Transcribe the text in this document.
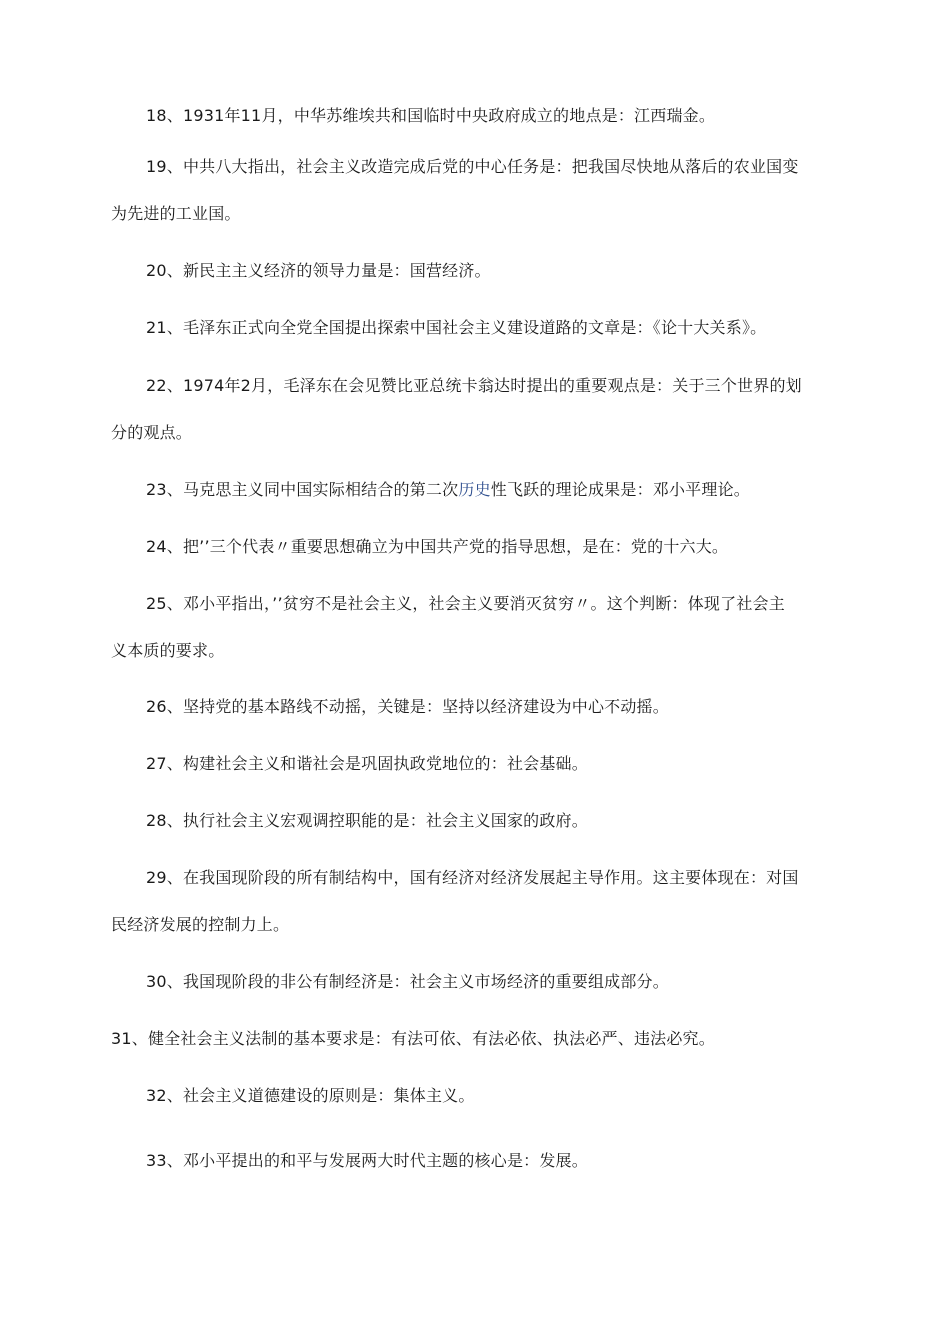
18、1931年11月，中华苏维埃共和国临时中央政府成立的地点是：江西瑞金。

19、中共八大指出，社会主义改造完成后党的中心任务是：把我国尽快地从落后的农业国变
为先进的工业国。

20、新民主主义经济的领导力量是：国营经济。

21、毛泽东正式向全党全国提出探索中国社会主义建设道路的文章是：《论十大关系》。

22、1974年2月，毛泽东在会见赞比亚总统卡翁达时提出的重要观点是：关于三个世界的划
分的观点。

23、马克思主义同中国实际相结合的第二次历史性飞跃的理论成果是：邓小平理论。

24、把’’三个代表〃重要思想确立为中国共产党的指导思想，是在：党的十六大。

25、邓小平指出，’’贫穷不是社会主义，社会主义要消灭贫穷〃。这个判断：体现了社会主
义本质的要求。

26、坚持党的基本路线不动摇，关键是：坚持以经济建设为中心不动摇。

27、构建社会主义和谐社会是巩固执政党地位的：社会基础。

28、执行社会主义宏观调控职能的是：社会主义国家的政府。

29、在我国现阶段的所有制结构中，国有经济对经济发展起主导作用。这主要体现在：对国
民经济发展的控制力上。

30、我国现阶段的非公有制经济是：社会主义市场经济的重要组成部分。

31、健全社会主义法制的基本要求是：有法可依、有法必依、执法必严、违法必究。

32、社会主义道德建设的原则是：集体主义。

33、邓小平提出的和平与发展两大时代主题的核心是：发展。
